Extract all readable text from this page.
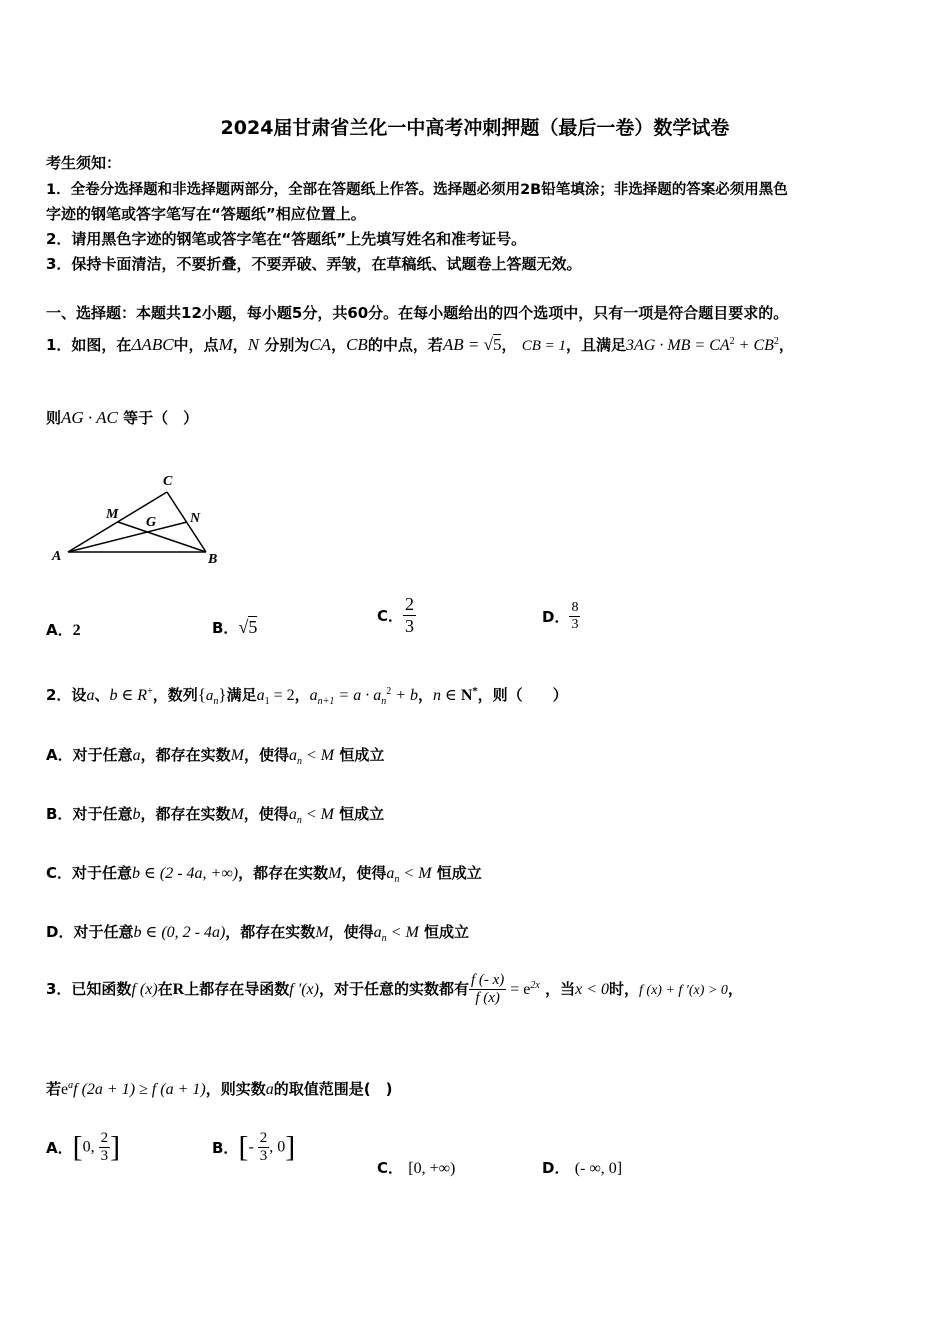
2024届甘肃省兰化一中高考冲刺押题（最后一卷）数学试卷
考生须知：
1．全卷分选择题和非选择题两部分，全部在答题纸上作答。选择题必须用2B铅笔填涂；非选择题的答案必须用黑色
字迹的钢笔或答字笔写在“答题纸”相应位置上。
2．请用黑色字迹的钢笔或答字笔在“答题纸”上先填写姓名和准考证号。
3．保持卡面清洁，不要折叠，不要弄破、弄皱，在草稿纸、试题卷上答题无效。
一、选择题：本题共12小题，每小题5分，共60分。在每小题给出的四个选项中，只有一项是符合题目要求的。
1．如图，在ΔABC中，点M，N 分别为CA，CB的中点，若AB = √5， CB = 1，且满足3AG · MB = $CA^2 + CB^2$，
则AG · AC 等于（　）
C
M
G N
A	B
A．2	B．√5
C． $\frac{2}{3}$	D． $\frac{8}{3}$
2．设a、b ∈ R+，数列$\{a_n\}$满足$a_1 = 2$，$a_{n+1} = a \cdot a_n^2 + b$，n ∈ N*，则（　　）
A．对于任意a，都存在实数M，使得$a_n < M$ 恒成立
B．对于任意b，都存在实数M，使得$a_n < M$ 恒成立
C．对于任意b ∈ (2 - 4a, +∞)，都存在实数M，使得$a_n < M$ 恒成立
D．对于任意b ∈ (0, 2 - 4a)，都存在实数M，使得$a_n < M$ 恒成立
3．已知函数f (x)在R上都存在导函数f ′(x)，对于任意的实数都有 $\frac{f (- x)}{f (x)} = e^{2x}$ ，当x < 0时，f (x) + f ′(x) > 0，
若$e^af$ (2a + 1) ≥ f (a + 1)，则实数a的取值范围是(　)
A．[0, $\frac{2}{3}$ ]	B．[- $\frac{2}{3}$ , 0]
C． [0, +∞)	D． (- ∞, 0]
